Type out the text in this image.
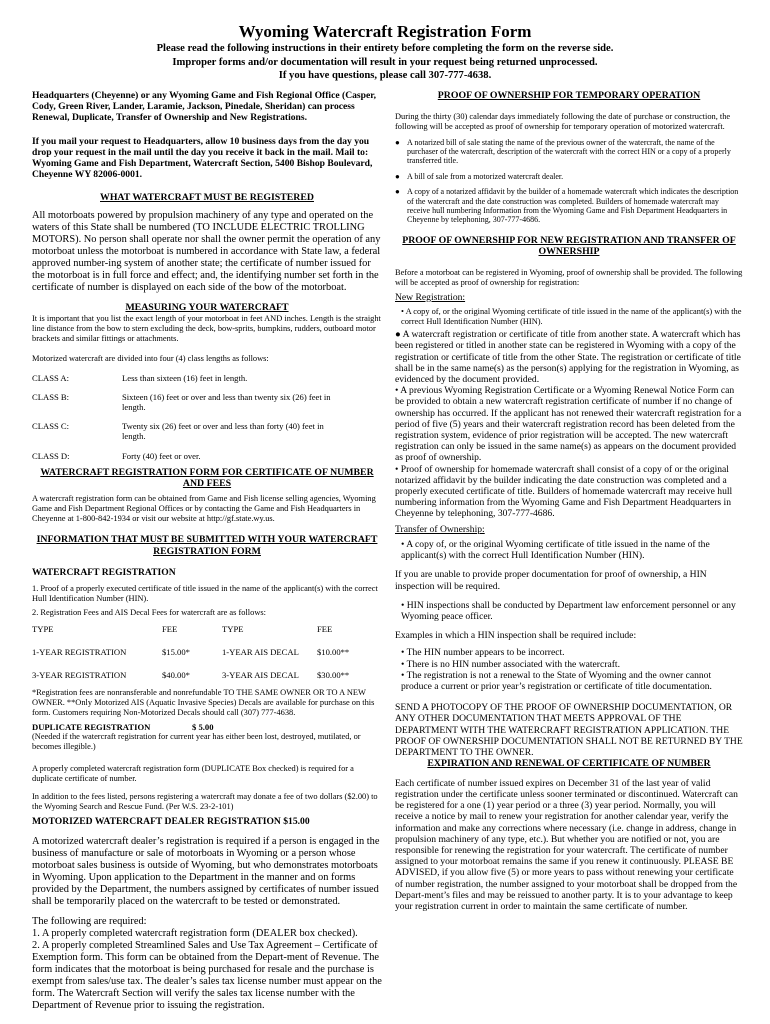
Wyoming Watercraft Registration Form
Please read the following instructions in their entirety before completing the form on the reverse side.
Improper forms and/or documentation will result in your request being returned unprocessed.
If you have questions, please call 307-777-4638.

Headquarters (Cheyenne) or any Wyoming Game and Fish Regional Office (Casper, Cody, Green River, Lander, Laramie, Jackson, Pinedale, Sheridan) can process Renewal, Duplicate, Transfer of Ownership and New Registrations.

If you mail your request to Headquarters, allow 10 business days from the day you drop your request in the mail until the day you receive it back in the mail. Mail to: Wyoming Game and Fish Department, Watercraft Section, 5400 Bishop Boulevard, Cheyenne WY 82006-0001.

WHAT WATERCRAFT MUST BE REGISTERED

All motorboats powered by propulsion machinery of any type and operated on the waters of this State shall be numbered (TO INCLUDE ELECTRIC TROLLING MOTORS). No person shall operate nor shall the owner permit the operation of any motorboat unless the motorboat is numbered in accordance with State law, a federal approved number-ing system of another state; the certificate of number issued for the motorboat is in full force and effect; and, the identifying number set forth in the certificate of number is displayed on each side of the bow of the motorboat.

MEASURING YOUR WATERCRAFT

It is important that you list the exact length of your motorboat in feet AND inches. Length is the straight line distance from the bow to stern excluding the deck, bow-sprits, bumpkins, rudders, outboard motor brackets and similar fittings or attachments.

Motorized watercraft are divided into four (4) class lengths as follows:

CLASS A:	Less than sixteen (16) feet in length.
CLASS B:	Sixteen (16) feet or over and less than twenty six (26) feet in length.
CLASS C:	Twenty six (26) feet or over and less than forty (40) feet in length.
CLASS D:	Forty (40) feet or over.

WATERCRAFT REGISTRATION FORM FOR CERTIFICATE OF NUMBER AND FEES

A watercraft registration form can be obtained from Game and Fish license selling agencies, Wyoming Game and Fish Department Regional Offices or by contacting the Game and Fish Headquarters in Cheyenne at 1-800-842-1934 or visit our website at http://gf.state.wy.us.

INFORMATION THAT MUST BE SUBMITTED WITH YOUR WATERCRAFT REGISTRATION FORM

WATERCRAFT REGISTRATION

1. Proof of a properly executed certificate of title issued in the name of the applicant(s) with the correct Hull Identification Number (HIN).

2. Registration Fees and AIS Decal Fees for watercraft are as follows:

TYPE	FEE	TYPE	FEE
1-YEAR REGISTRATION	$15.00*	1-YEAR AIS DECAL	$10.00**
3-YEAR REGISTRATION	$40.00*	3-YEAR AIS DECAL	$30.00**

*Registration fees are nonransferable and nonrefundable TO THE SAME OWNER OR TO A NEW OWNER. **Only Motorized AIS (Aquatic Invasive Species) Decals are available for purchase on this form. Customers requiring Non-Motorized Decals should call (307) 777-4638.

DUPLICATE REGISTRATION	$ 5.00

(Needed if the watercraft registration for current year has either been lost, destroyed, mutilated, or becomes illegible.)

A properly completed watercraft registration form (DUPLICATE Box checked) is required for a duplicate certificate of number.

In addition to the fees listed, persons registering a watercraft may donate a fee of two dollars ($2.00) to the Wyoming Search and Rescue Fund. (Per W.S. 23-2-101)

MOTORIZED WATERCRAFT DEALER REGISTRATION $15.00

A motorized watercraft dealer’s registration is required if a person is engaged in the business of manufacture or sale of motorboats in Wyoming or a person whose motorboat sales business is outside of Wyoming, but who demonstrates motorboats in Wyoming. Upon application to the Department in the manner and on forms provided by the Department, the numbers assigned by certificates of number issued shall be temporarily placed on the watercraft to be tested or demonstrated.

The following are required:

1. A properly completed watercraft registration form (DEALER box checked).

2. A properly completed Streamlined Sales and Use Tax Agreement – Certificate of Exemption form. This form can be obtained from the Depart-ment of Revenue. The form indicates that the motorboat is being purchased for resale and the purchase is exempt from sales/use tax. The dealer’s sales tax license number must appear on the form. The Watercraft Section will verify the sales tax license number with the Department of Revenue prior to issuing the registration.

PROOF OF OWNERSHIP FOR TEMPORARY OPERATION

During the thirty (30) calendar days immediately following the date of purchase or construction, the following will be accepted as proof of ownership for temporary operation of motorized watercraft.

● A notarized bill of sale stating the name of the previous owner of the watercraft, the name of the purchaser of the watercraft, description of the watercraft with the correct HIN or a copy of a properly transferred title.
● A bill of sale from a motorized watercraft dealer.
● A copy of a notarized affidavit by the builder of a homemade watercraft which indicates the description of the watercraft and the date construction was completed. Builders of homemade watercraft may receive hull numbering Information from the Wyoming Game and Fish Department Headquarters in Cheyenne by telephoning, 307-777-4686.

PROOF OF OWNERSHIP FOR NEW REGISTRATION AND TRANSFER OF OWNERSHIP

Before a motorboat can be registered in Wyoming, proof of ownership shall be provided. The following will be accepted as proof of ownership for registration:

New Registration:

• A copy of, or the original Wyoming certificate of title issued in the name of the applicant(s) with the correct Hull Identification Number (HIN).

● A watercraft registration or certificate of title from another state. A watercraft which has been registered or titled in another state can be registered in Wyoming with a copy of the registration or certificate of title from the other State. The registration or certificate of title shall be in the same name(s) as the person(s) applying for the registration in Wyoming, as evidenced by the document provided.

• A previous Wyoming Registration Certificate or a Wyoming Renewal Notice Form can be provided to obtain a new watercraft registration certificate of number if no change of ownership has occurred. If the applicant has not renewed their watercraft registration for a period of five (5) years and their watercraft registration record has been deleted from the registration system, evidence of prior registration will be accepted. The new watercraft registration can only be issued in the same name(s) as appears on the document provided as proof of ownership.

• Proof of ownership for homemade watercraft shall consist of a copy of or the original notarized affidavit by the builder indicating the date construction was completed and a properly executed certificate of title. Builders of homemade watercraft may receive hull numbering information from the Wyoming Game and Fish Department Headquarters in Cheyenne by telephoning, 307-777-4686.

Transfer of Ownership:

• A copy of, or the original Wyoming certificate of title issued in the name of the applicant(s) with the correct Hull Identification Number (HIN).

If you are unable to provide proper documentation for proof of ownership, a HIN inspection will be required.

• HIN inspections shall be conducted by Department law enforcement personnel or any Wyoming peace officer.

Examples in which a HIN inspection shall be required include:

• The HIN number appears to be incorrect.

• There is no HIN number associated with the watercraft.

• The registration is not a renewal to the State of Wyoming and the owner cannot produce a current or prior year’s registration or certificate of title documentation.

SEND A PHOTOCOPY OF THE PROOF OF OWNERSHIP DOCUMENTATION, OR ANY OTHER DOCUMENTATION THAT MEETS APPROVAL OF THE DEPARTMENT WITH THE WATERCRAFT REGISTRATION APPLICATION. THE PROOF OF OWNERSHIP DOCUMENTATION SHALL NOT BE RETURNED BY THE DEPARTMENT TO THE OWNER.

EXPIRATION AND RENEWAL OF CERTIFICATE OF NUMBER

Each certificate of number issued expires on December 31 of the last year of valid registration under the certificate unless sooner terminated or discontinued. Watercraft can be registered for a one (1) year period or a three (3) year period. Normally, you will receive a notice by mail to renew your registration for another calendar year, verify the information and make any corrections where necessary (i.e. change in address, change in propulsion machinery of any type, etc.). But whether you are notified or not, you are responsible for renewing the registration for your watercraft. The certificate of number assigned to your motorboat remains the same if you renew it continuously. PLEASE BE ADVISED, if you allow five (5) or more years to pass without renewing your certificate of number registration, the number assigned to your motorboat shall be dropped from the Depart-ment’s files and may be reissued to another party. It is to your advantage to keep your registration current in order to maintain the same certificate of number.
